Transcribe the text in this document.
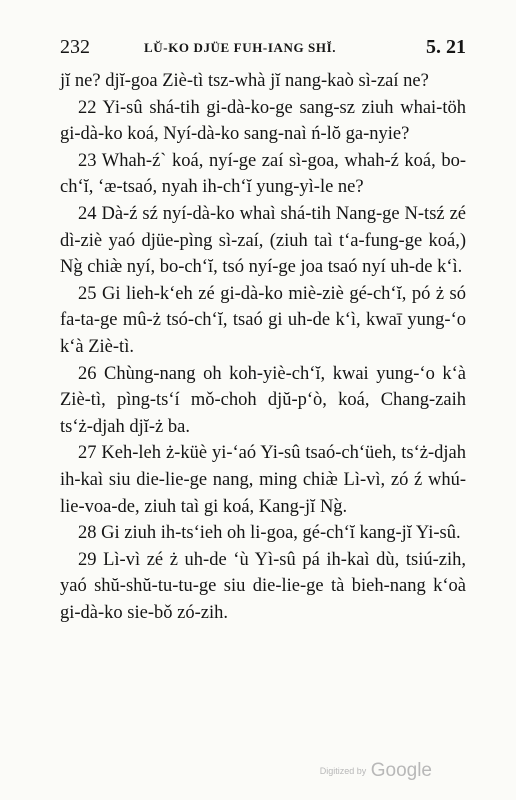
232	LŬ-KO DJÜE FUH-IANG SHĬ.	5. 21

jĭ ne? djĭ-goa Ziè-tì tsz-whà jĭ nang-kaò sì-zaí ne?

22 Yi-sû shá-tih gi-dà-ko-ge sang-sz ziuh whai-töh gi-dà-ko koá, Nyí-dà-ko sang-naì ń-lŏ ga-nyie?

23 Whah-ź` koá, nyí-ge zaí sì-goa, whah-ź koá, bo-ch‘ĭ, ‘æ-tsaó, nyah ih-ch‘ĭ yung-yì-le ne?

24 Dà-ź sź nyí-dà-ko whaì shá-tih Nang-ge N-tsź zé dì-ziè yaó djüe-pìng sì-zaí, (ziuh taì t‘a-fung-ge koá,) Ng̀ chiæ̀ nyí, bo-ch‘ĭ, tsó nyí-ge joa tsaó nyí uh-de k‘ì.

25 Gi lieh-k‘eh zé gi-dà-ko miè-ziè gé-ch‘ĭ, pó ż só fa-ta-ge mû-ż tsó-ch‘ĭ, tsaó gi uh-de k‘ì, kwaī yung-‘o k‘à Ziè-tì.

26 Chùng-nang oh koh-yiè-ch‘ĭ, kwai yung-‘o k‘à Ziè-tì, pìng-ts‘í mǒ-choh djŭ-p‘ò, koá, Chang-zaih ts‘ż-djah djĭ-ż ba.

27 Keh-leh ż-küè yi-‘aó Yi-sû tsaó-ch‘üeh, ts‘ż-djah ih-kaì siu die-lie-ge nang, ming chiæ̀ Lì-vì, zó ź whú-lie-voa-de, ziuh taì gi koá, Kang-jĭ Ng̀.

28 Gi ziuh ih-ts‘ieh oh li-goa, gé-ch‘ĭ kang-jĭ Yi-sû.

29 Lì-vì zé ż uh-de ‘ù Yì-sû pá ih-kaì dù, tsiú-zih, yaó shŭ-shŭ-tu-tu-ge siu die-lie-ge tà bieh-nang k‘oà gi-dà-ko sie-bǒ zó-zih.

Digitized by Google
